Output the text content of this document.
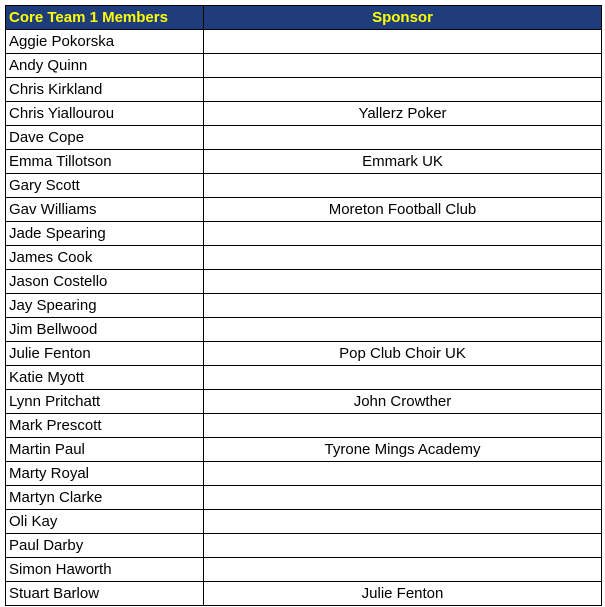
Core Team 1 Members	Sponsor
Aggie Pokorska	
Andy Quinn	
Chris Kirkland	
Chris Yiallourou	Yallerz Poker
Dave Cope	
Emma Tillotson	Emmark UK
Gary Scott	
Gav Williams	Moreton Football Club
Jade Spearing	
James Cook	
Jason Costello	
Jay Spearing	
Jim Bellwood	
Julie Fenton	Pop Club Choir UK
Katie Myott	
Lynn Pritchatt	John Crowther
Mark Prescott	
Martin Paul	Tyrone Mings Academy
Marty Royal	
Martyn Clarke	
Oli Kay	
Paul Darby	
Simon Haworth	
Stuart Barlow	Julie Fenton
